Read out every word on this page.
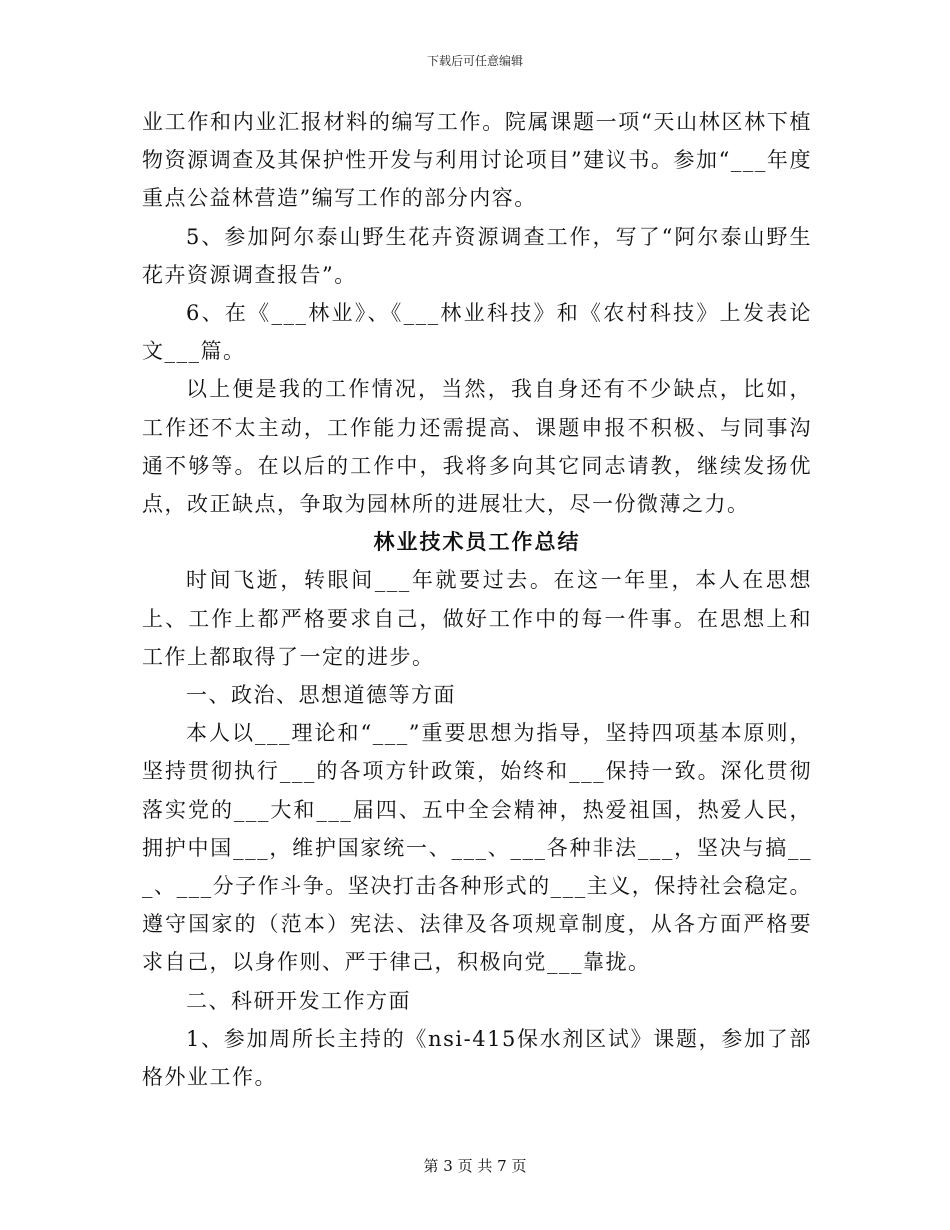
下载后可任意编辑

业工作和内业汇报材料的编写工作。院属课题一项“天山林区林下植物资源调查及其保护性开发与利用讨论项目”建议书。参加“___年度重点公益林营造”编写工作的部分内容。

5、参加阿尔泰山野生花卉资源调查工作，写了“阿尔泰山野生花卉资源调查报告”。

6、在《___林业》、《___林业科技》和《农村科技》上发表论文___篇。

以上便是我的工作情况，当然，我自身还有不少缺点，比如，工作还不太主动，工作能力还需提高、课题申报不积极、与同事沟通不够等。在以后的工作中，我将多向其它同志请教，继续发扬优点，改正缺点，争取为园林所的进展壮大，尽一份微薄之力。

林业技术员工作总结

时间飞逝，转眼间___年就要过去。在这一年里，本人在思想上、工作上都严格要求自己，做好工作中的每一件事。在思想上和工作上都取得了一定的进步。

一、政治、思想道德等方面

本人以___理论和“___”重要思想为指导，坚持四项基本原则，坚持贯彻执行___的各项方针政策，始终和___保持一致。深化贯彻落实党的___大和___届四、五中全会精神，热爱祖国，热爱人民，拥护中国___，维护国家统一、___、___各种非法___，坚决与搞___、___分子作斗争。坚决打击各种形式的___主义，保持社会稳定。遵守国家的（范本）宪法、法律及各项规章制度，从各方面严格要求自己，以身作则、严于律己，积极向党___靠拢。

二、科研开发工作方面

1、参加周所长主持的《nsi-415保水剂区试》课题，参加了部格外业工作。

第 3 页 共 7 页
